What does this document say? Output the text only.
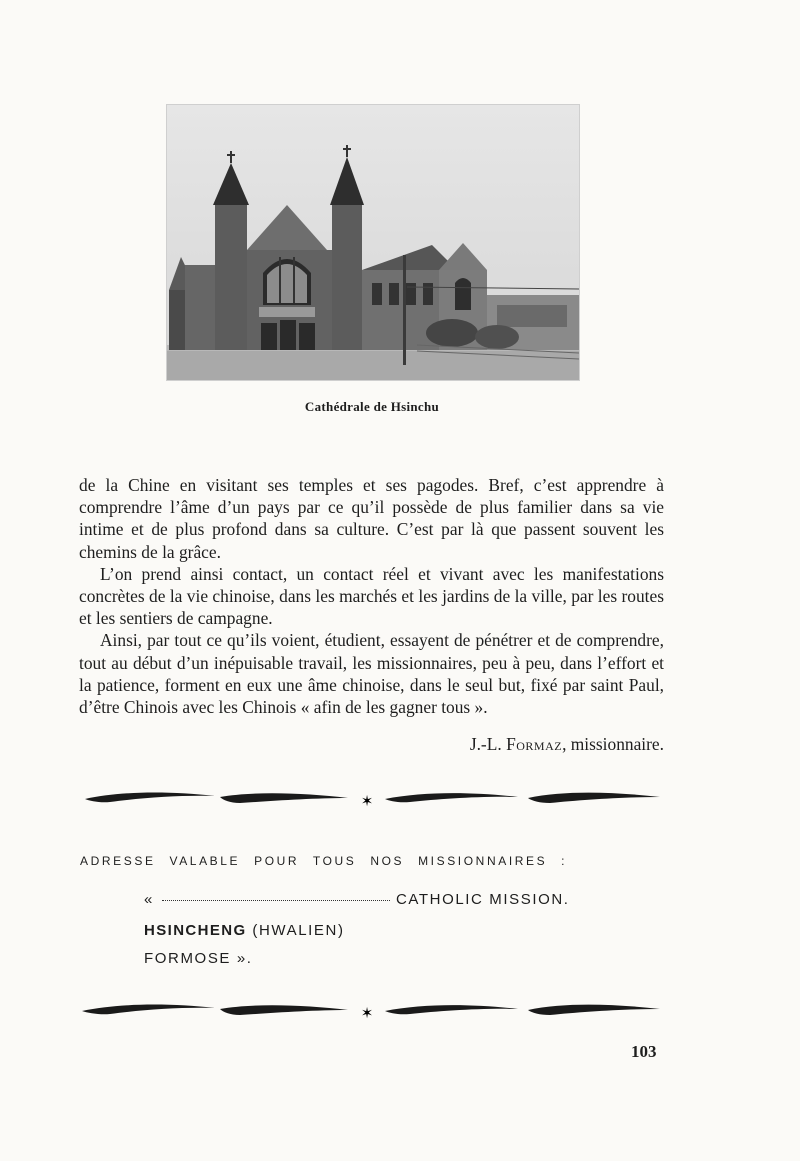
Cathédrale de Hsinchu

de la Chine en visitant ses temples et ses pagodes. Bref, c’est apprendre à comprendre l’âme d’un pays par ce qu’il possède de plus familier dans sa vie intime et de plus profond dans sa culture. C’est par là que passent souvent les chemins de la grâce.

L’on prend ainsi contact, un contact réel et vivant avec les manifestations concrètes de la vie chinoise, dans les marchés et les jardins de la ville, par les routes et les sentiers de campagne.

Ainsi, par tout ce qu’ils voient, étudient, essayent de pénétrer et de comprendre, tout au début d’un inépuisable travail, les missionnaires, peu à peu, dans l’effort et la patience, forment en eux une âme chinoise, dans le seul but, fixé par saint Paul, d’être Chinois avec les Chinois « afin de les gagner tous ».

J.-L. Formaz, missionnaire.
✶
ADRESSE VALABLE POUR TOUS NOS MISSIONNAIRES :
«	CATHOLIC MISSION.
HSINCHENG (HWALIEN)
FORMOSE ».
✶
103
